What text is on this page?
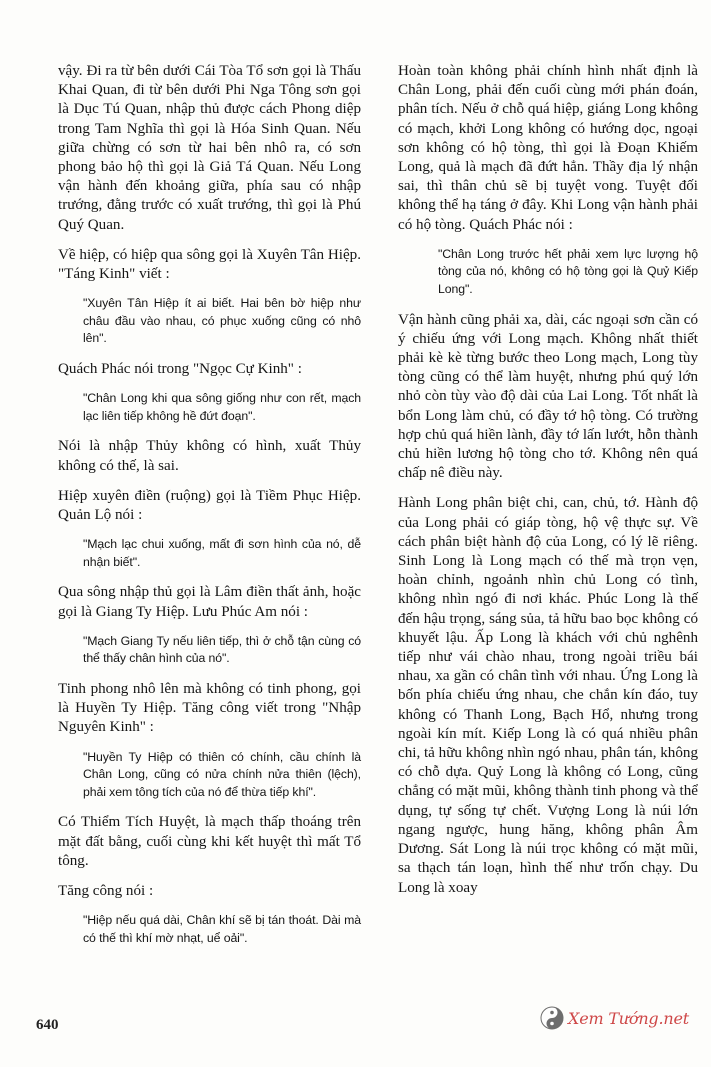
vậy. Đi ra từ bên dưới Cái Tòa Tổ sơn gọi là Thấu Khai Quan, đi từ bên dưới Phi Nga Tông sơn gọi là Dục Tú Quan, nhập thủ được cách Phong diệp trong Tam Nghĩa thì gọi là Hóa Sinh Quan. Nếu giữa chừng có sơn từ hai bên nhô ra, có sơn phong bảo hộ thì gọi là Giả Tá Quan. Nếu Long vận hành đến khoảng giữa, phía sau có nhập trướng, đằng trước có xuất trướng, thì gọi là Phú Quý Quan.

Về hiệp, có hiệp qua sông gọi là Xuyên Tân Hiệp. "Táng Kinh" viết :

"Xuyên Tân Hiệp ít ai biết. Hai bên bờ hiệp như châu đầu vào nhau, có phục xuống cũng có nhô lên".

Quách Phác nói trong "Ngọc Cự Kinh" :

"Chân Long khi qua sông giống như con rết, mạch lạc liên tiếp không hề đứt đoạn".

Nói là nhập Thủy không có hình, xuất Thủy không có thế, là sai.

Hiệp xuyên điền (ruộng) gọi là Tiềm Phục Hiệp. Quản Lộ nói :

"Mạch lạc chui xuống, mất đi sơn hình của nó, dễ nhận biết".

Qua sông nhập thủ gọi là Lâm điền thất ảnh, hoặc gọi là Giang Ty Hiệp. Lưu Phúc Am nói :

"Mạch Giang Ty nếu liên tiếp, thì ở chỗ tận cùng có thể thấy chân hình của nó".

Tinh phong nhô lên mà không có tinh phong, gọi là Huyền Ty Hiệp. Tăng công viết trong "Nhập Nguyên Kinh" :

"Huyền Ty Hiệp có thiên có chính, cầu chính là Chân Long, cũng có nửa chính nửa thiên (lệch), phải xem tông tích của nó để thừa tiếp khí".

Có Thiểm Tích Huyệt, là mạch thấp thoáng trên mặt đất bằng, cuối cùng khi kết huyệt thì mất Tổ tông.

Tăng công nói :

"Hiệp nếu quá dài, Chân khí sẽ bị tán thoát. Dài mà có thế thì khí mờ nhạt, uể oải".

Hoàn toàn không phải chính hình nhất định là Chân Long, phải đến cuối cùng mới phán đoán, phân tích. Nếu ở chỗ quá hiệp, giáng Long không có mạch, khởi Long không có hướng dọc, ngoại sơn không có hộ tòng, thì gọi là Đoạn Khiếm Long, quả là mạch đã đứt hẳn. Thầy địa lý nhận sai, thì thân chủ sẽ bị tuyệt vong. Tuyệt đối không thể hạ táng ở đây. Khi Long vận hành phải có hộ tòng. Quách Phác nói :

"Chân Long trước hết phải xem lực lượng hộ tòng của nó, không có hộ tòng gọi là Quỷ Kiếp Long".

Vận hành cũng phải xa, dài, các ngoại sơn cần có ý chiếu ứng với Long mạch. Không nhất thiết phải kè kè từng bước theo Long mạch, Long tùy tòng cũng có thể làm huyệt, nhưng phú quý lớn nhỏ còn tùy vào độ dài của Lai Long. Tốt nhất là bổn Long làm chủ, có đầy tớ hộ tòng. Có trường hợp chủ quá hiền lành, đầy tớ lấn lướt, hỗn thành chủ hiền lương hộ tòng cho tớ. Không nên quá chấp nê điều này.

Hành Long phân biệt chi, can, chủ, tớ. Hành độ của Long phải có giáp tòng, hộ vệ thực sự. Về cách phân biệt hành độ của Long, có lý lẽ riêng. Sinh Long là Long mạch có thế mà trọn vẹn, hoàn chỉnh, ngoảnh nhìn chủ Long có tình, không nhìn ngó đi nơi khác. Phúc Long là thế đến hậu trọng, sáng sủa, tả hữu bao bọc không có khuyết lậu. Ấp Long là khách với chủ nghênh tiếp như vái chào nhau, trong ngoài triều bái nhau, xa gần có chân tình với nhau. Ứng Long là bốn phía chiếu ứng nhau, che chắn kín đáo, tuy không có Thanh Long, Bạch Hổ, nhưng trong ngoài kín mít. Kiếp Long là có quá nhiều phân chi, tả hữu không nhìn ngó nhau, phân tán, không có chỗ dựa. Quỷ Long là không có Long, cũng chẳng có mặt mũi, không thành tinh phong và thể dụng, tự sống tự chết. Vượng Long là núi lớn ngang ngược, hung hăng, không phân Âm Dương. Sát Long là núi trọc không có mặt mũi, sa thạch tán loạn, hình thế như trốn chạy. Du Long là xoay

640	Xem Tướng.net
